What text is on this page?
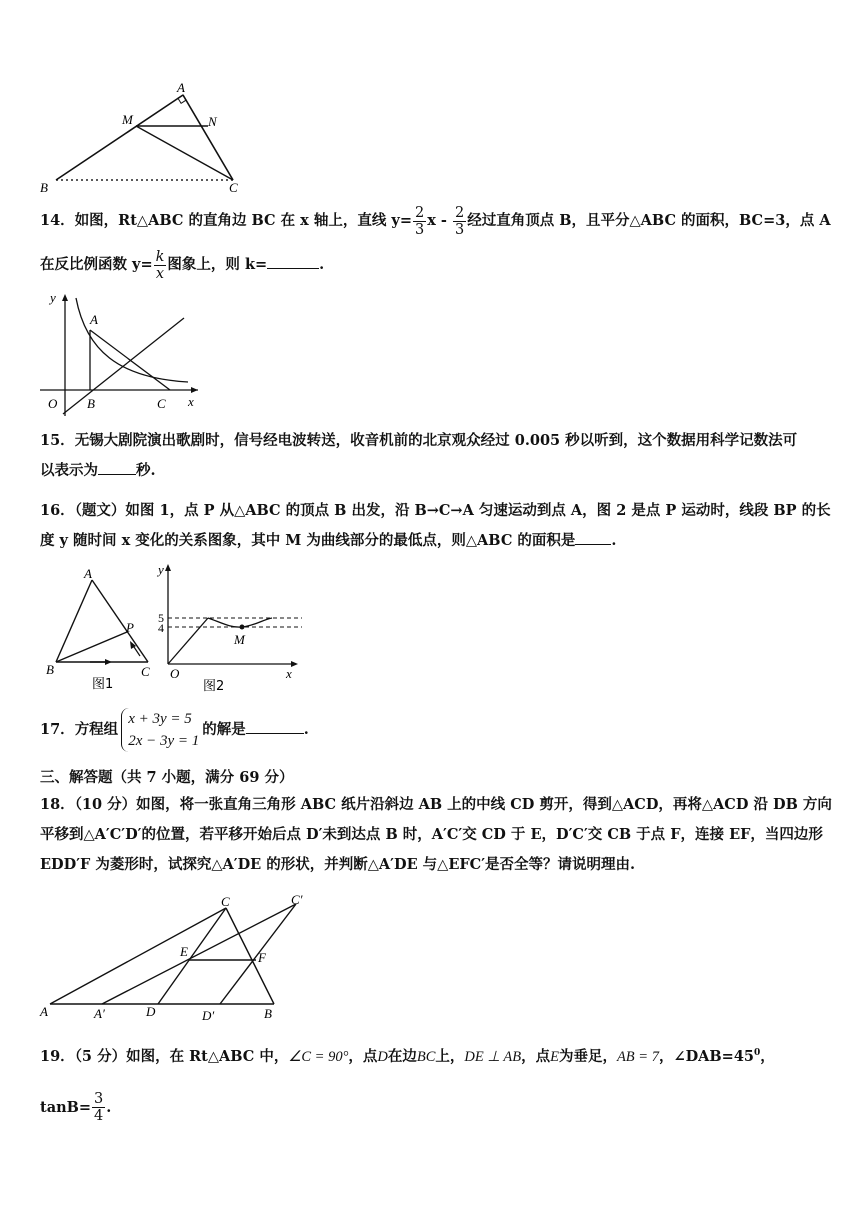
A
M	N
B	C
14．如图，Rt△ABC 的直角边 BC 在 x 轴上，直线 $y= \frac{2}{3}$ x - $\frac{2}{3}$ 经过直角顶点 B，且平分△ABC 的面积，BC=3，点 A
在反比例函数 $y= \frac{k}{x}$ 图象上，则 k=	.
y
A
O B	C x
15．无锡大剧院演出歌剧时，信号经电波转送，收音机前的北京观众经过 0.005 秒以听到，这个数据用科学记数法可
以表示为	秒.
16．（题文）如图 1，点 P 从△ABC 的顶点 B 出发，沿 B→C→A 匀速运动到点 A，图 2 是点 P 运动时，线段 BP 的长
度 y 随时间 x 变化的关系图象，其中 M 为曲线部分的最低点，则△ABC 的面积是 .
A
P
B	C
图1
y
5
4
M
O	x
图2
17．方程组
x + 3y = 5
2x − 3y = 1
的解是	.
三、解答题（共 7 小题，满分 69 分）
18．（10 分）如图，将一张直角三角形 ABC 纸片沿斜边 AB 上的中线 CD 剪开，得到△ACD，再将△ACD 沿 DB 方向
平移到△A′C′D′的位置，若平移开始后点 D′未到达点 B 时，A′C′交 CD 于 E，D′C′交 CB 于点 F，连接 EF，当四边形
EDD′F 为菱形时，试探究△A′DE 的形状，并判断△A′DE 与△EFC′是否全等？请说明理由.
C	C′
E	F
A	A′	D	D′	B
19．（5 分）如图，在 Rt△ABC 中，∠C = 90°，点D在边BC上，DE ⊥ AB，点E为垂足，AB = 7，$\angle DAB=45^0$，
$\tan B= \frac{3}{4}$ .
